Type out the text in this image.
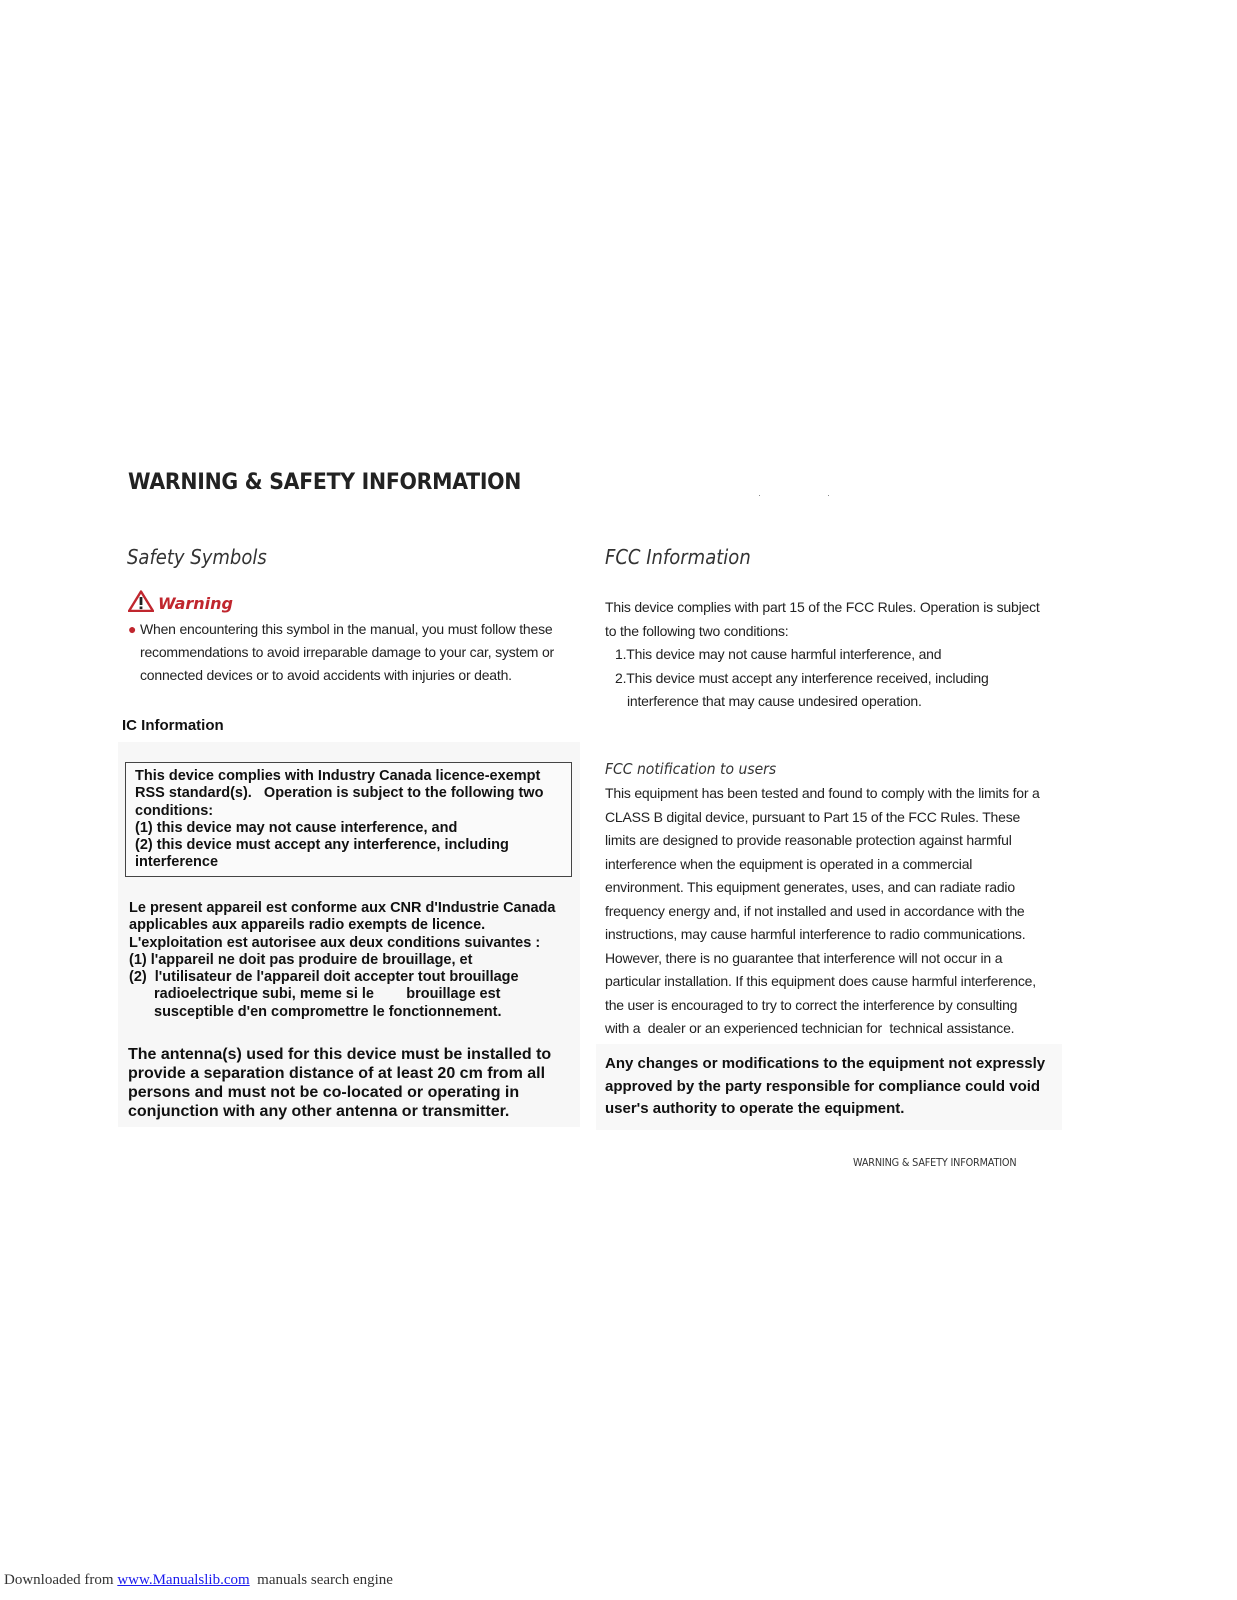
WARNING & SAFETY INFORMATION
Safety Symbols
Warning
● When encountering this symbol in the manual, you must follow these recommendations to avoid irreparable damage to your car, system or connected devices or to avoid accidents with injuries or death.
IC Information
This device complies with Industry Canada licence-exempt
RSS standard(s).   Operation is subject to the following two
conditions:
(1) this device may not cause interference, and
(2) this device must accept any interference, including
interference
Le present appareil est conforme aux CNR d'Industrie Canada
applicables aux appareils radio exempts de licence.
L'exploitation est autorisee aux deux conditions suivantes :
(1) l'appareil ne doit pas produire de brouillage, et
(2)  l'utilisateur de l'appareil doit accepter tout brouillage
radioelectrique subi, meme si le        brouillage est
susceptible d'en compromettre le fonctionnement.
The antenna(s) used for this device must be installed to
provide a separation distance of at least 20 cm from all
persons and must not be co-located or operating in
conjunction with any other antenna or transmitter.
FCC Information
This device complies with part 15 of the FCC Rules. Operation is subject
to the following two conditions:
1.This device may not cause harmful interference, and
2.This device must accept any interference received, including
interference that may cause undesired operation.
FCC notification to users
This equipment has been tested and found to comply with the limits for a
CLASS B digital device, pursuant to Part 15 of the FCC Rules. These
limits are designed to provide reasonable protection against harmful
interference when the equipment is operated in a commercial
environment. This equipment generates, uses, and can radiate radio
frequency energy and, if not installed and used in accordance with the
instructions, may cause harmful interference to radio communications.
However, there is no guarantee that interference will not occur in a
particular installation. If this equipment does cause harmful interference,
the user is encouraged to try to correct the interference by consulting
with a  dealer or an experienced technician for  technical assistance.
Any changes or modifications to the equipment not expressly
approved by the party responsible for compliance could void
user's authority to operate the equipment.
WARNING & SAFETY INFORMATION
Downloaded from www.Manualslib.com  manuals search engine
